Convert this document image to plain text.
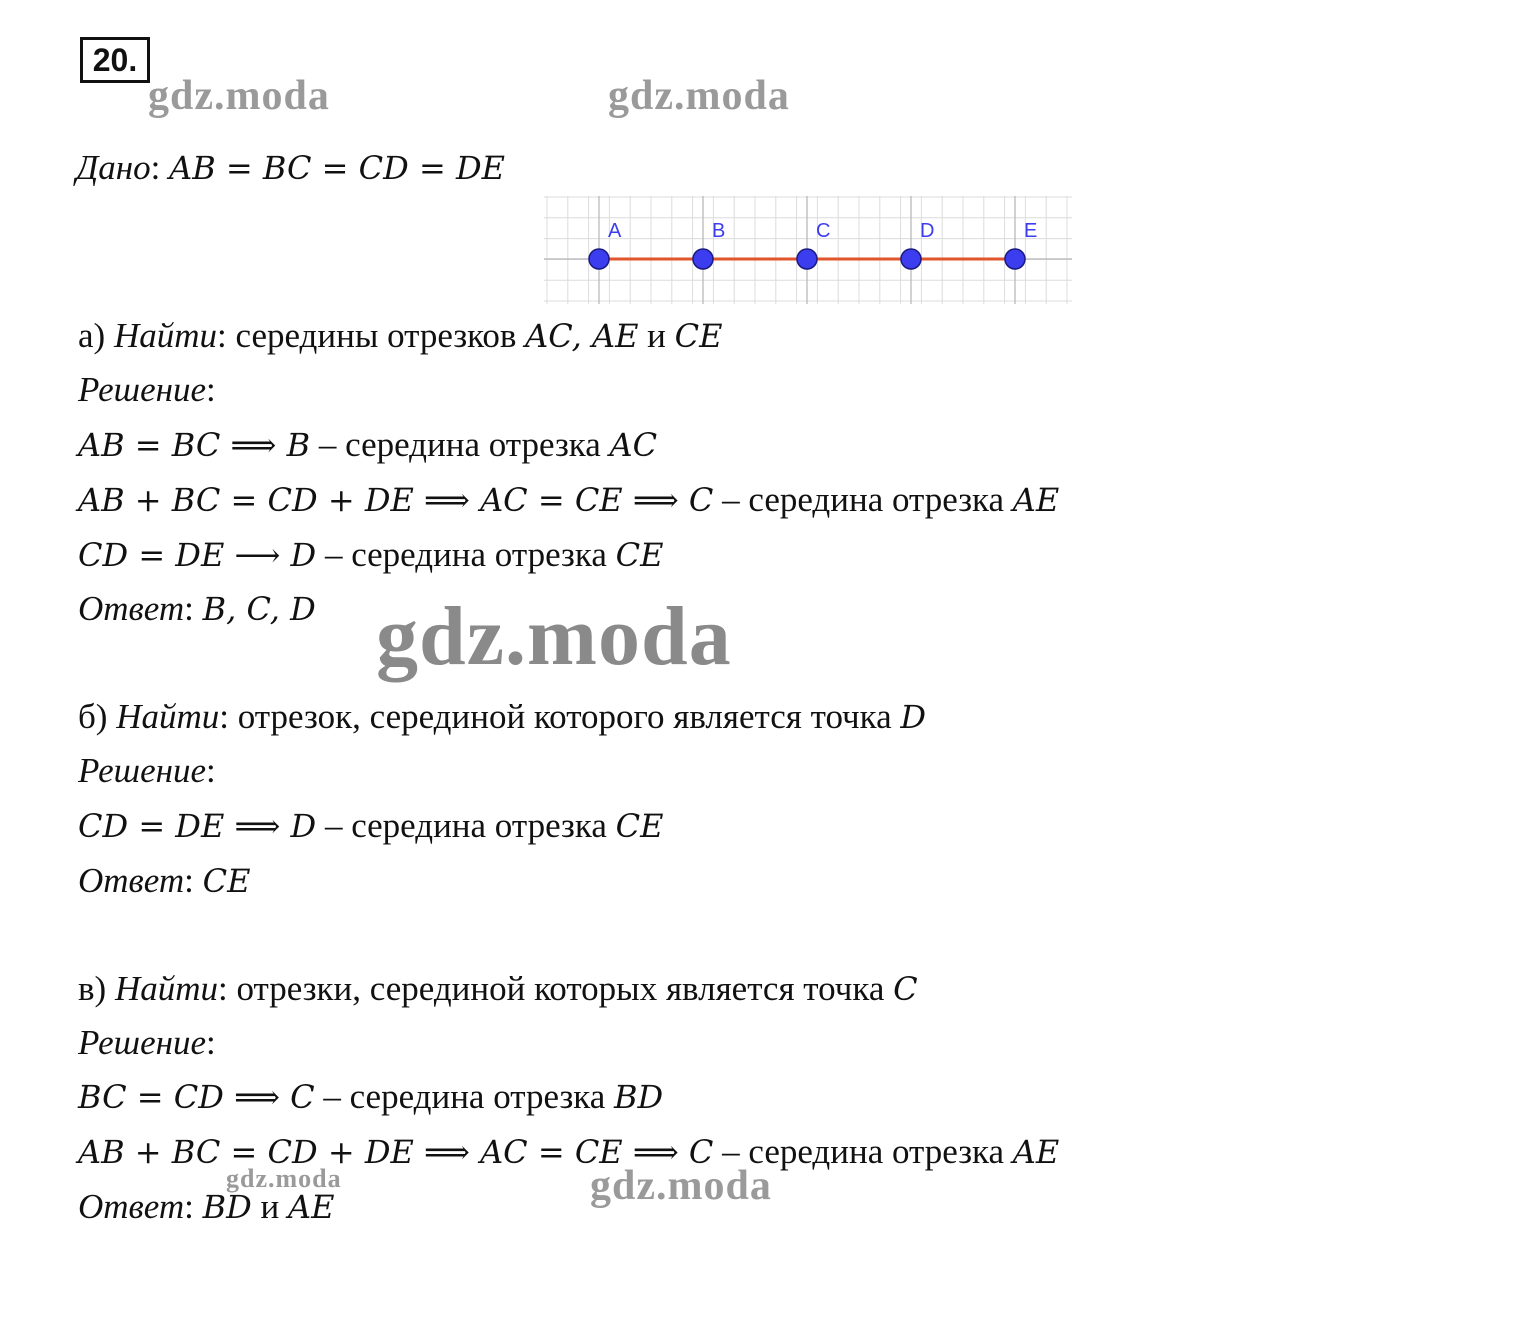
20.
gdz.moda	gdz.moda
gdz.moda
gdz.moda	gdz.moda
Дано: AB = BC = CD = DE
A	B	C	D	E
а) Найти: середины отрезков AC, AE и CE
Решение:
AB = BC ⟹ B – середина отрезка AC
AB + BC = CD + DE ⟹ AC = CE ⟹ C – середина отрезка AE
CD = DE ⟶ D – середина отрезка CE
Ответ: B, C, D
б) Найти: отрезок, серединой которого является точка D
Решение:
CD = DE ⟹ D – середина отрезка CE
Ответ: CE
в) Найти: отрезки, серединой которых является точка C
Решение:
BC = CD ⟹ C – середина отрезка BD
AB + BC = CD + DE ⟹ AC = CE ⟹ C – середина отрезка AE
Ответ: BD и AE
